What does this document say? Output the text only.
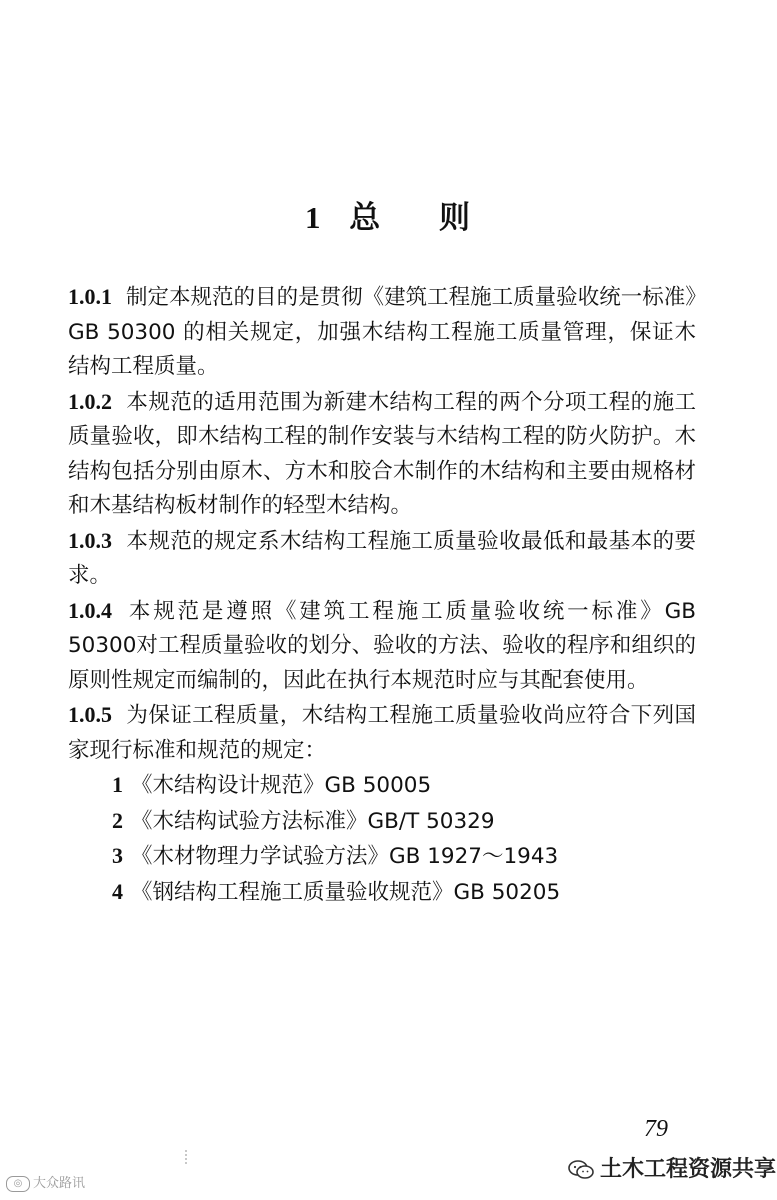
1 总 则

1.0.1 制定本规范的目的是贯彻《建筑工程施工质量验收统一标准》GB 50300 的相关规定，加强木结构工程施工质量管理，保证木结构工程质量。

1.0.2 本规范的适用范围为新建木结构工程的两个分项工程的施工质量验收，即木结构工程的制作安装与木结构工程的防火防护。木结构包括分别由原木、方木和胶合木制作的木结构和主要由规格材和木基结构板材制作的轻型木结构。

1.0.3 本规范的规定系木结构工程施工质量验收最低和最基本的要求。

1.0.4 本规范是遵照《建筑工程施工质量验收统一标准》GB 50300对工程质量验收的划分、验收的方法、验收的程序和组织的原则性规定而编制的，因此在执行本规范时应与其配套使用。

1.0.5 为保证工程质量，木结构工程施工质量验收尚应符合下列国家现行标准和规范的规定：

1 《木结构设计规范》GB 50005
2 《木结构试验方法标准》GB/T 50329
3 《木材物理力学试验方法》GB 1927～1943
4 《钢结构工程施工质量验收规范》GB 50205
79
◎ 大众路讯
土木工程资源共享
